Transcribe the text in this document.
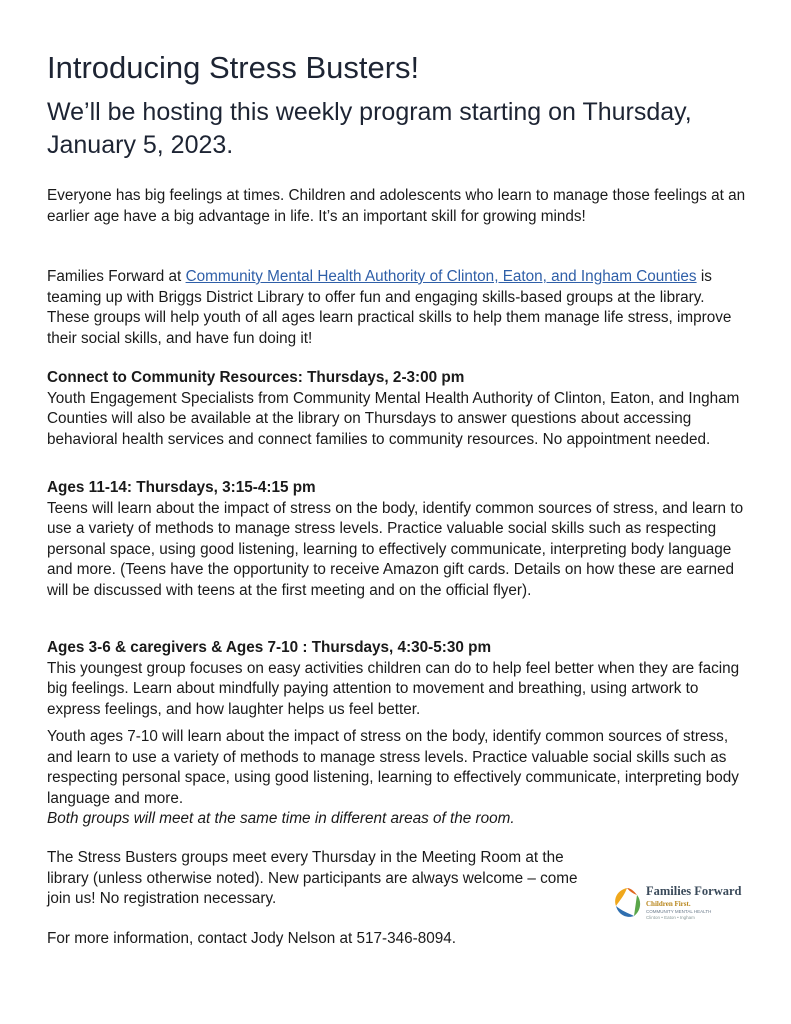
Introducing Stress Busters!
We’ll be hosting this weekly program starting on Thursday, January 5, 2023.

Everyone has big feelings at times. Children and adolescents who learn to manage those feelings at an earlier age have a big advantage in life. It’s an important skill for growing minds!

Families Forward at Community Mental Health Authority of Clinton, Eaton, and Ingham Counties is teaming up with Briggs District Library to offer fun and engaging skills-based groups at the library. These groups will help youth of all ages learn practical skills to help them manage life stress, improve their social skills, and have fun doing it!

Connect to Community Resources: Thursdays, 2-3:00 pm
Youth Engagement Specialists from Community Mental Health Authority of Clinton, Eaton, and Ingham Counties will also be available at the library on Thursdays to answer questions about accessing behavioral health services and connect families to community resources. No appointment needed.
Ages 11-14: Thursdays, 3:15-4:15 pm
Teens will learn about the impact of stress on the body, identify common sources of stress, and learn to use a variety of methods to manage stress levels. Practice valuable social skills such as respecting personal space, using good listening, learning to effectively communicate, interpreting body language and more. (Teens have the opportunity to receive Amazon gift cards. Details on how these are earned will be discussed with teens at the first meeting and on the official flyer).
Ages 3-6 & caregivers & Ages 7-10 : Thursdays, 4:30-5:30 pm
This youngest group focuses on easy activities children can do to help feel better when they are facing big feelings. Learn about mindfully paying attention to movement and breathing, using artwork to express feelings, and how laughter helps us feel better.
Youth ages 7-10 will learn about the impact of stress on the body, identify common sources of stress, and learn to use a variety of methods to manage stress levels. Practice valuable social skills such as respecting personal space, using good listening, learning to effectively communicate, interpreting body language and more.
Both groups will meet at the same time in different areas of the room.

The Stress Busters groups meet every Thursday in the Meeting Room at the library (unless otherwise noted). New participants are always welcome – come join us! No registration necessary.

For more information, contact Jody Nelson at 517-346-8094.

Families Forward
Children First.
COMMUNITY MENTAL HEALTH
Clinton • Eaton • Ingham
